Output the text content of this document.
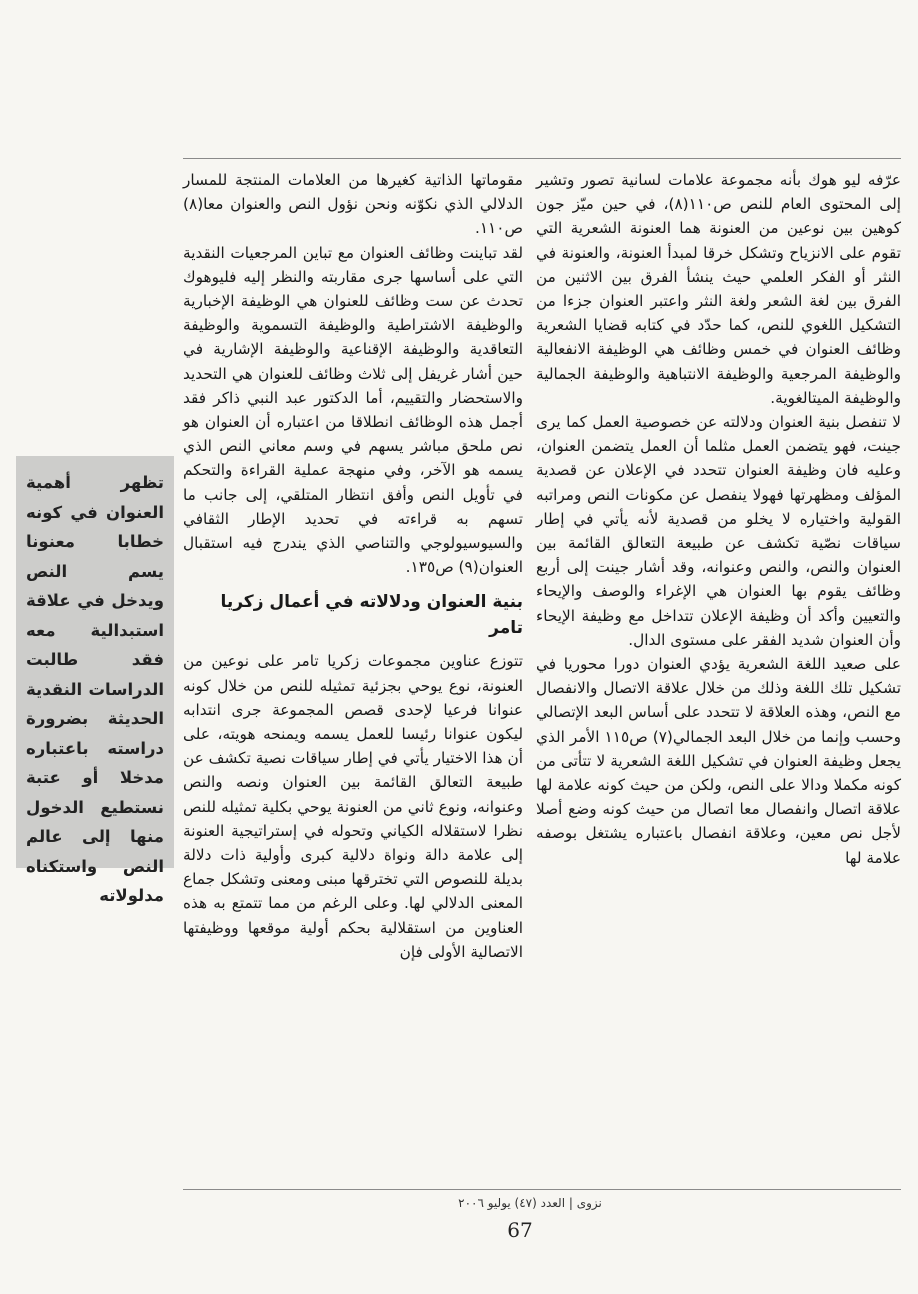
عرّفه ليو هوك بأنه مجموعة علامات لسانية تصور وتشير إلى المحتوى العام للنص ص١١٠(٨)، في حين ميّز جون كوهين بين نوعين من العنونة هما العنونة الشعرية التي تقوم على الانزياح وتشكل خرقا لمبدأ العنونة، والعنونة في النثر أو الفكر العلمي حيث ينشأ الفرق بين الاثنين من الفرق بين لغة الشعر ولغة النثر واعتبر العنوان جزءا من التشكيل اللغوي للنص، كما حدّد في كتابه قضايا الشعرية وظائف العنوان في خمس وظائف هي الوظيفة الانفعالية والوظيفة المرجعية والوظيفة الانتباهية والوظيفة الجمالية والوظيفة الميتالغوية.

لا تنفصل بنية العنوان ودلالته عن خصوصية العمل كما يرى جينت، فهو يتضمن العمل مثلما أن العمل يتضمن العنوان، وعليه فان وظيفة العنوان تتحدد في الإعلان عن قصدية المؤلف ومظهرتها فهولا ينفصل عن مكونات النص ومراتبه القولية واختياره لا يخلو من قصدية لأنه يأتي في إطار سياقات نصّية تكشف عن طبيعة التعالق القائمة بين العنوان والنص، والنص وعنوانه، وقد أشار جينت إلى أربع وظائف يقوم بها العنوان هي الإغراء والوصف والإيحاء والتعيين وأكد أن وظيفة الإعلان تتداخل مع وظيفة الإيحاء وأن العنوان شديد الفقر على مستوى الدال.

على صعيد اللغة الشعرية يؤدي العنوان دورا محوريا في تشكيل تلك اللغة وذلك من خلال علاقة الاتصال والانفصال مع النص، وهذه العلاقة لا تتحدد على أساس البعد الإتصالي وحسب وإنما من خلال البعد الجمالي(٧) ص١١٥ الأمر الذي يجعل وظيفة العنوان في تشكيل اللغة الشعرية لا تتأتى من كونه مكملا ودالا على النص، ولكن من حيث كونه علامة لها علاقة اتصال وانفصال معا اتصال من حيث كونه وضع أصلا لأجل نص معين، وعلاقة انفصال باعتباره يشتغل بوصفه علامة لها

مقوماتها الذاتية كغيرها من العلامات المنتجة للمسار الدلالي الذي نكوّنه ونحن نؤول النص والعنوان معا(٨) ص١١٠.

لقد تباينت وظائف العنوان مع تباين المرجعيات النقدية التي على أساسها جرى مقاربته والنظر إليه فليوهوك تحدث عن ست وظائف للعنوان هي الوظيفة الإخبارية والوظيفة الاشتراطية والوظيفة التسموية والوظيفة التعاقدية والوظيفة الإقناعية والوظيفة الإشارية في حين أشار غريفل إلى ثلاث وظائف للعنوان هي التحديد والاستحضار والتقييم، أما الدكتور عبد النبي ذاكر فقد أجمل هذه الوظائف انطلاقا من اعتباره أن العنوان هو نص ملحق مباشر يسهم في وسم معاني النص الذي يسمه هو الآخر، وفي منهجة عملية القراءة والتحكم في تأويل النص وأفق انتظار المتلقي، إلى جانب ما تسهم به قراءته في تحديد الإطار الثقافي والسيوسيولوجي والتناصي الذي يندرج فيه استقبال العنوان(٩) ص١٣٥.

بنية العنوان ودلالاته في أعمال زكريا تامر

تتوزع عناوين مجموعات زكريا تامر على نوعين من العنونة، نوع يوحي بجزئية تمثيله للنص من خلال كونه عنوانا فرعيا لإحدى قصص المجموعة جرى انتدابه ليكون عنوانا رئيسا للعمل يسمه ويمنحه هويته، على أن هذا الاختيار يأتي في إطار سياقات نصية تكشف عن طبيعة التعالق القائمة بين العنوان ونصه والنص وعنوانه، ونوع ثاني من العنونة يوحي بكلية تمثيله للنص نظرا لاستقلاله الكياني وتحوله في إستراتيجية العنونة إلى علامة دالة ونواة دلالية كبرى وأولية ذات دلالة بديلة للنصوص التي تخترقها مبنى ومعنى وتشكل جماع المعنى الدلالي لها. وعلى الرغم من مما تتمتع به هذه العناوين من استقلالية بحكم أولية موقعها ووظيفتها الاتصالية الأولى فإن

تظهر أهمية العنوان في كونه خطابا معنونا يسم النص ويدخل في علاقة استبدالية معه فقد طالبت الدراسات النقدية الحديثة بضرورة دراسته باعتباره مدخلا أو عتبة نستطيع الدخول منها إلى عالم النص واستكناه مدلولاته
نزوى | العدد (٤٧) يوليو ٢٠٠٦
67
